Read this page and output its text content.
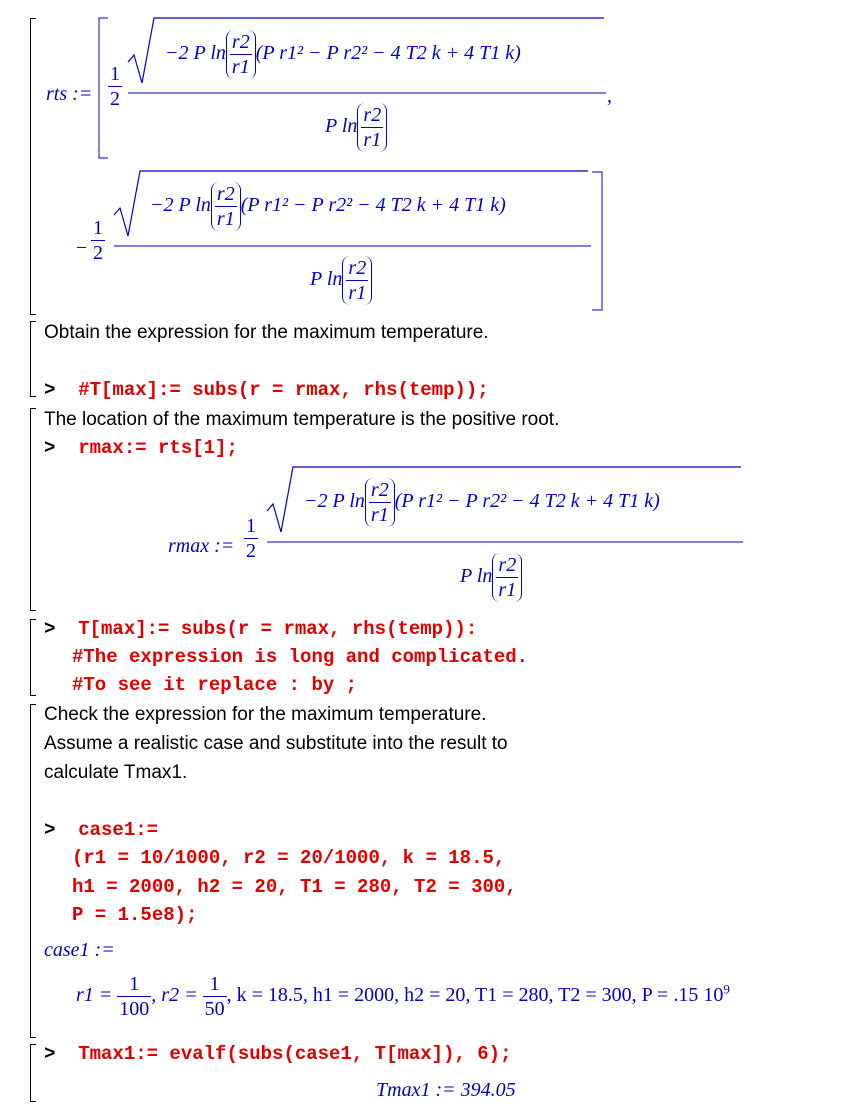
rts := $\frac{1}{2}$
−2 P $\ln \frac{r2}{r1} (P$ r1² − P r2² − 4 T2 k + 4 T1 k)
P $\ln \frac{r2}{r1}$
,
− $\frac{1}{2}$
−2 P $\ln \frac{r2}{r1} (P$ r1² − P r2² − 4 T2 k + 4 T1 k)
P $\ln \frac{r2}{r1}$
Obtain the expression for the maximum temperature.
> #T[max]:= subs(r = rmax, rhs(temp));
The location of the maximum temperature is the positive root.
> rmax:= rts[1];
rmax := $\frac{1}{2}$
−2 P $\ln \frac{r2}{r1} (P$ r1² − P r2² − 4 T2 k + 4 T1 k)
P $\ln \frac{r2}{r1}$
> T[max]:= subs(r = rmax, rhs(temp)):
#The expression is long and complicated.
#To see it replace : by ;
Check the expression for the maximum temperature.
Assume a realistic case and substitute into the result to
calculate Tmax1.
> case1:=
(r1 = 10/1000, r2 = 20/1000, k = 18.5,
h1 = 2000, h2 = 20, T1 = 280, T2 = 300,
P = 1.5e8);
case1 :=
$r1 = \frac{1}{100}$ , $r2 = \frac{1}{50}$ , k = 18.5, h1 = 2000, h2 = 20, T1 = 280, T2 = 300, P = .15 $10^9$
> Tmax1:= evalf(subs(case1, T[max]), 6);
Tmax1 := 394.05
